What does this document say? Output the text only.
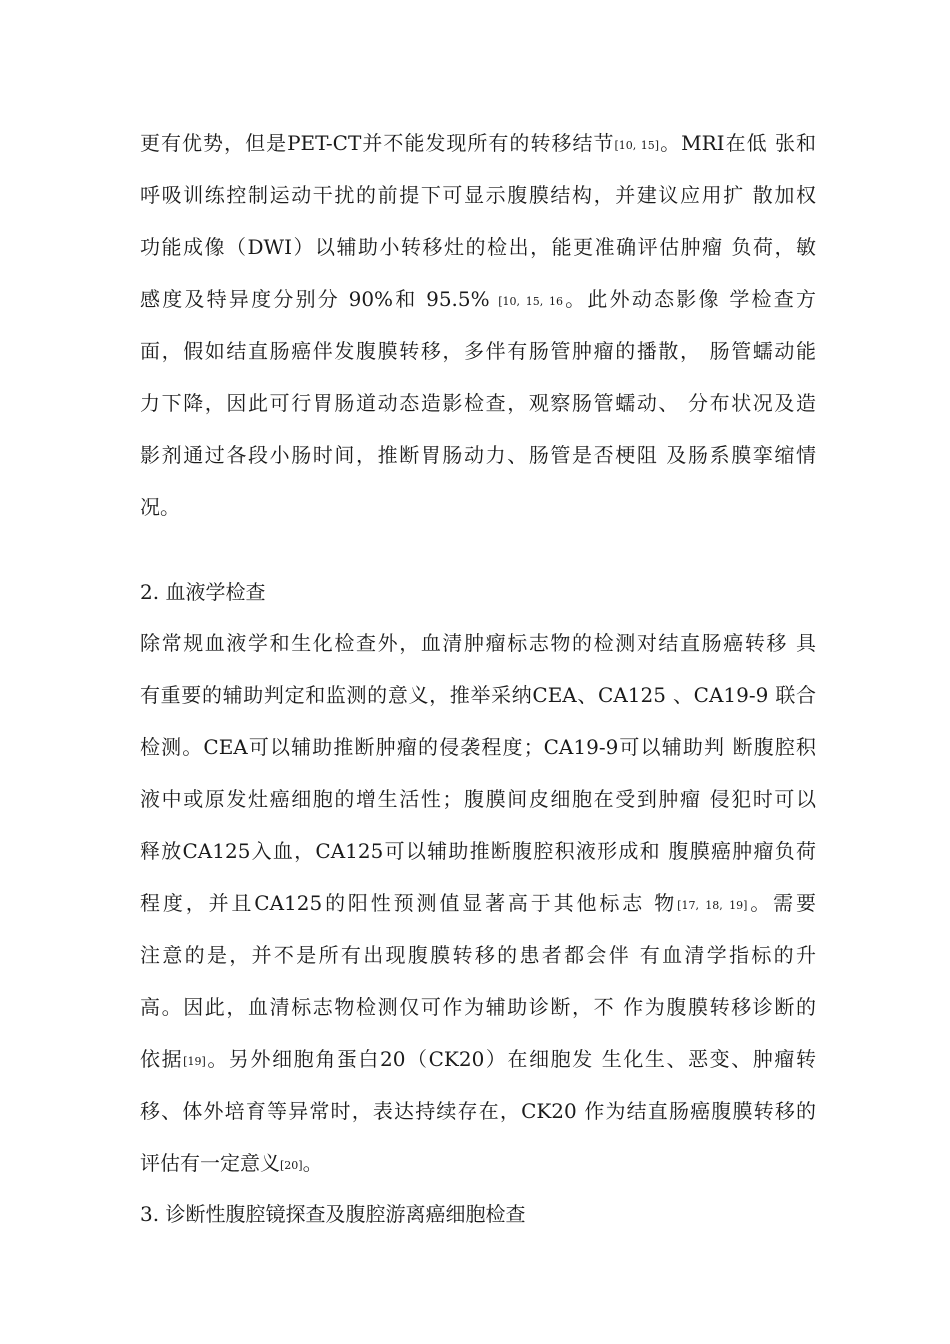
更有优势，但是PET-CT并不能发现所有的转移结节[10, 15]。MRI在低 张和
呼吸训练控制运动干扰的前提下可显示腹膜结构，并建议应用扩 散加权
功能成像（DWI）以辅助小转移灶的检出，能更准确评估肿瘤 负荷，敏
感度及特异度分别分 90%和 95.5% [10, 15, 16。此外动态影像 学检查方
面，假如结直肠癌伴发腹膜转移，多伴有肠管肿瘤的播散， 肠管蠕动能
力下降，因此可行胃肠道动态造影检查，观察肠管蠕动、 分布状况及造
影剂通过各段小肠时间，推断胃肠动力、肠管是否梗阻 及肠系膜挛缩情
况。
2. 血液学检查
除常规血液学和生化检查外，血清肿瘤标志物的检测对结直肠癌转移 具
有重要的辅助判定和监测的意义，推举采纳CEA、CA125 、CA19-9 联合
检测。CEA可以辅助推断肿瘤的侵袭程度；CA19-9可以辅助判 断腹腔积
液中或原发灶癌细胞的增生活性；腹膜间皮细胞在受到肿瘤 侵犯时可以
释放CA125入血，CA125可以辅助推断腹腔积液形成和 腹膜癌肿瘤负荷
程度，并且CA125的阳性预测值显著高于其他标志 物[17, 18, 19]。需要
注意的是，并不是所有出现腹膜转移的患者都会伴 有血清学指标的升
高。因此，血清标志物检测仅可作为辅助诊断，不 作为腹膜转移诊断的
依据[19]。另外细胞角蛋白20（CK20）在细胞发 生化生、恶变、肿瘤转
移、体外培育等异常时，表达持续存在，CK20 作为结直肠癌腹膜转移的
评估有一定意义[20]。
3. 诊断性腹腔镜探查及腹腔游离癌细胞检查
